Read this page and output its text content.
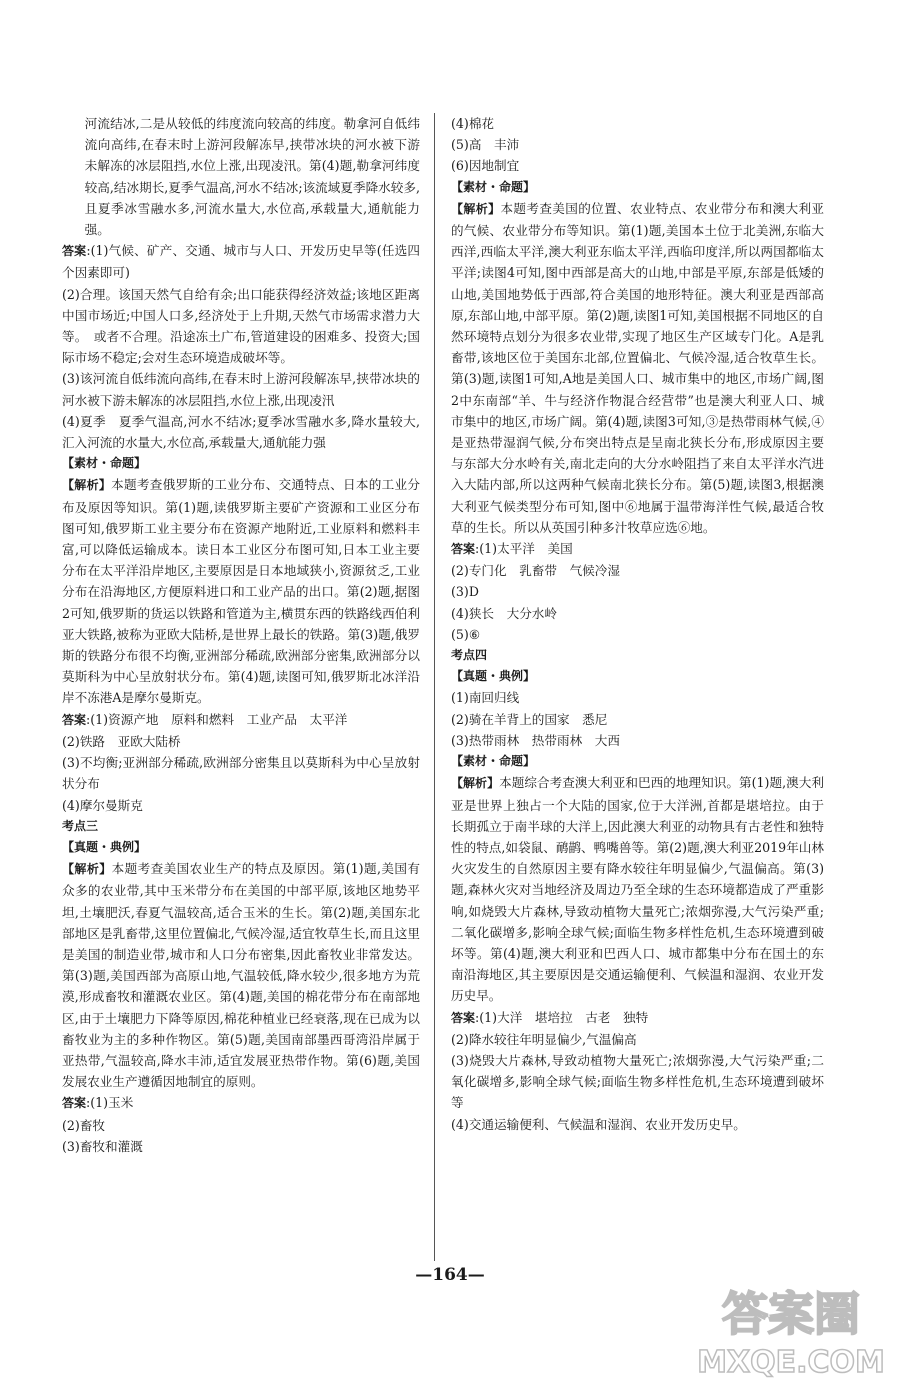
河流结冰,二是从较低的纬度流向较高的纬度。勒拿河自低纬流向高纬,在春末时上游河段解冻早,挟带冰块的河水被下游未解冻的冰层阻挡,水位上涨,出现凌汛。第(4)题,勒拿河纬度较高,结冰期长,夏季气温高,河水不结冰;该流域夏季降水较多,且夏季冰雪融水多,河流水量大,水位高,承载量大,通航能力强。

答案:(1)气候、矿产、交通、城市与人口、开发历史早等(任选四个因素即可)

(2)合理。该国天然气自给有余;出口能获得经济效益;该地区距离中国市场近;中国人口多,经济处于上升期,天然气市场需求潜力大等。　或者不合理。沿途冻土广布,管道建设的困难多、投资大;国际市场不稳定;会对生态环境造成破坏等。

(3)该河流自低纬流向高纬,在春末时上游河段解冻早,挟带冰块的河水被下游未解冻的冰层阻挡,水位上涨,出现凌汛

(4)夏季　夏季气温高,河水不结冰;夏季冰雪融水多,降水量较大,汇入河流的水量大,水位高,承载量大,通航能力强

【素材・命题】

【解析】本题考查俄罗斯的工业分布、交通特点、日本的工业分布及原因等知识。第(1)题,读俄罗斯主要矿产资源和工业区分布图可知,俄罗斯工业主要分布在资源产地附近,工业原料和燃料丰富,可以降低运输成本。读日本工业区分布图可知,日本工业主要分布在太平洋沿岸地区,主要原因是日本地域狭小,资源贫乏,工业分布在沿海地区,方便原料进口和工业产品的出口。第(2)题,据图2可知,俄罗斯的货运以铁路和管道为主,横贯东西的铁路线西伯利亚大铁路,被称为亚欧大陆桥,是世界上最长的铁路。第(3)题,俄罗斯的铁路分布很不均衡,亚洲部分稀疏,欧洲部分密集,欧洲部分以莫斯科为中心呈放射状分布。第(4)题,读图可知,俄罗斯北冰洋沿岸不冻港A是摩尔曼斯克。

答案:(1)资源产地　原料和燃料　工业产品　太平洋

(2)铁路　亚欧大陆桥

(3)不均衡;亚洲部分稀疏,欧洲部分密集且以莫斯科为中心呈放射状分布

(4)摩尔曼斯克

考点三

【真题・典例】

【解析】本题考查美国农业生产的特点及原因。第(1)题,美国有众多的农业带,其中玉米带分布在美国的中部平原,该地区地势平坦,土壤肥沃,春夏气温较高,适合玉米的生长。第(2)题,美国东北部地区是乳畜带,这里位置偏北,气候冷湿,适宜牧草生长,而且这里是美国的制造业带,城市和人口分布密集,因此畜牧业非常发达。第(3)题,美国西部为高原山地,气温较低,降水较少,很多地方为荒漠,形成畜牧和灌溉农业区。第(4)题,美国的棉花带分布在南部地区,由于土壤肥力下降等原因,棉花种植业已经衰落,现在已成为以畜牧业为主的多种作物区。第(5)题,美国南部墨西哥湾沿岸属于亚热带,气温较高,降水丰沛,适宜发展亚热带作物。第(6)题,美国发展农业生产遵循因地制宜的原则。

答案:(1)玉米

(2)畜牧

(3)畜牧和灌溉

(4)棉花

(5)高　丰沛

(6)因地制宜

【素材・命题】

【解析】本题考查美国的位置、农业特点、农业带分布和澳大利亚的气候、农业带分布等知识。第(1)题,美国本土位于北美洲,东临大西洋,西临太平洋,澳大利亚东临太平洋,西临印度洋,所以两国都临太平洋;读图4可知,图中西部是高大的山地,中部是平原,东部是低矮的山地,美国地势低于西部,符合美国的地形特征。澳大利亚是西部高原,东部山地,中部平原。第(2)题,读图1可知,美国根据不同地区的自然环境特点划分为很多农业带,实现了地区生产区域专门化。A是乳畜带,该地区位于美国东北部,位置偏北、气候冷湿,适合牧草生长。第(3)题,读图1可知,A地是美国人口、城市集中的地区,市场广阔,图2中东南部“羊、牛与经济作物混合经营带”也是澳大利亚人口、城市集中的地区,市场广阔。第(4)题,读图3可知,③是热带雨林气候,④是亚热带湿润气候,分布突出特点是呈南北狭长分布,形成原因主要与东部大分水岭有关,南北走向的大分水岭阻挡了来自太平洋水汽进入大陆内部,所以这两种气候南北狭长分布。第(5)题,读图3,根据澳大利亚气候类型分布可知,图中⑥地属于温带海洋性气候,最适合牧草的生长。所以从英国引种多汁牧草应选⑥地。

答案:(1)太平洋　美国

(2)专门化　乳畜带　气候冷湿

(3)D

(4)狭长　大分水岭

(5)⑥

考点四

【真题・典例】

(1)南回归线

(2)骑在羊背上的国家　悉尼

(3)热带雨林　热带雨林　大西

【素材・命题】

【解析】本题综合考查澳大利亚和巴西的地理知识。第(1)题,澳大利亚是世界上独占一个大陆的国家,位于大洋洲,首都是堪培拉。由于长期孤立于南半球的大洋上,因此澳大利亚的动物具有古老性和独特性的特点,如袋鼠、鸸鹋、鸭嘴兽等。第(2)题,澳大利亚2019年山林火灾发生的自然原因主要有降水较往年明显偏少,气温偏高。第(3)题,森林火灾对当地经济及周边乃至全球的生态环境都造成了严重影响,如烧毁大片森林,导致动植物大量死亡;浓烟弥漫,大气污染严重;二氧化碳增多,影响全球气候;面临生物多样性危机,生态环境遭到破坏等。第(4)题,澳大利亚和巴西人口、城市都集中分布在国土的东南沿海地区,其主要原因是交通运输便利、气候温和湿润、农业开发历史早。

答案:(1)大洋　堪培拉　古老　独特

(2)降水较往年明显偏少,气温偏高

(3)烧毁大片森林,导致动植物大量死亡;浓烟弥漫,大气污染严重;二氧化碳增多,影响全球气候;面临生物多样性危机,生态环境遭到破坏等

(4)交通运输便利、气候温和湿润、农业开发历史早。

—164—
答案圈
MXQE.COM
